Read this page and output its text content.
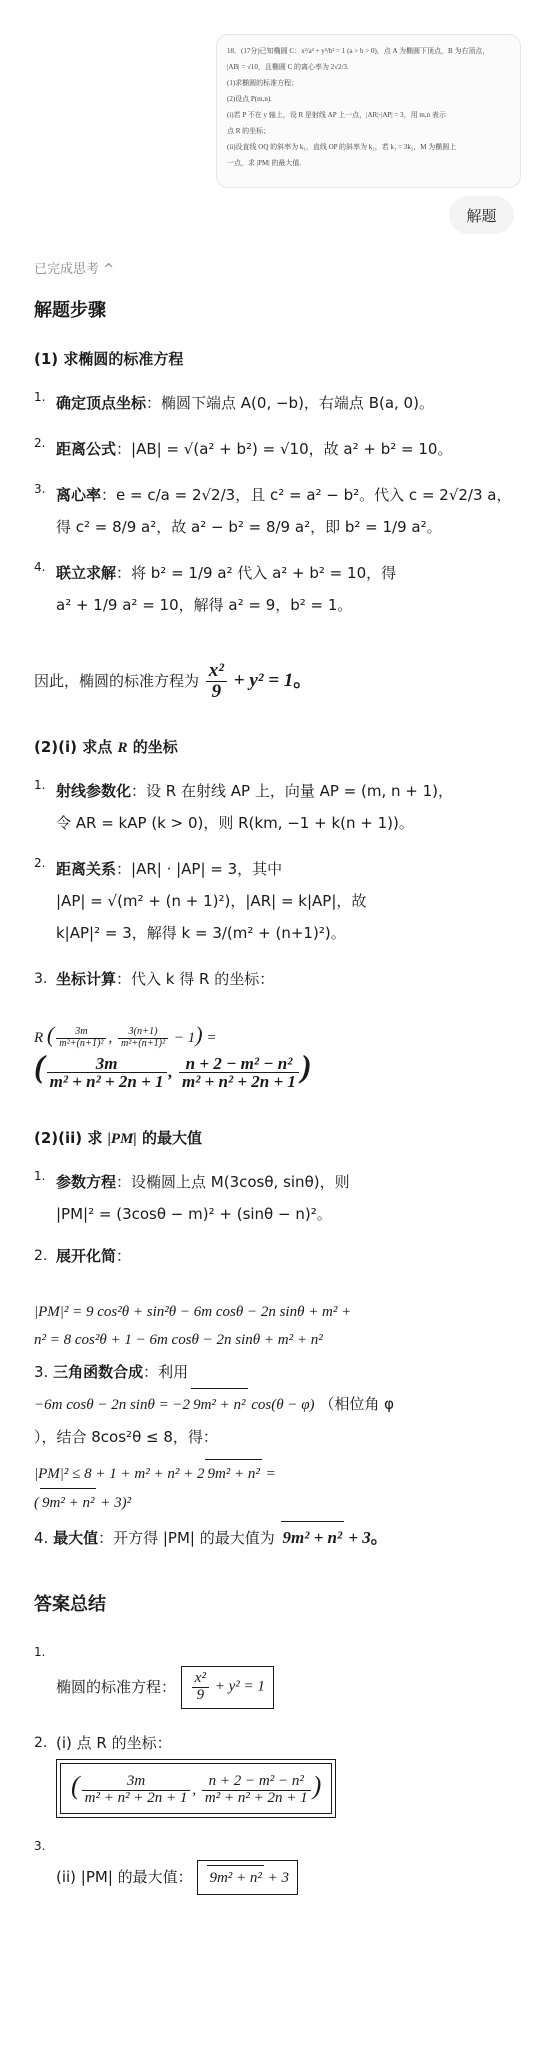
18．(17分)已知椭圆 C：x²/a² + y²/b² = 1 (a > b > 0)，点 A 为椭圆下顶点，B 为右顶点，
|AB| = √10，且椭圆 C 的离心率为 2√2/3.
(1)求椭圆的标准方程；
(2)设点 P(m,n).
(i)若 P 不在 y 轴上，设 R 是射线 AP 上一点，|AR|·|AP| = 3，用 m,n 表示
点 R 的坐标；
(ii)设直线 OQ 的斜率为 k₁，直线 OP 的斜率为 k₂，若 k₁ = 3k₂，M 为椭圆上
一点，求 |PM| 的最大值.
解题
已完成思考 ^
解题步骤
(1) 求椭圆的标准方程
1. 确定顶点坐标：椭圆下端点 A(0, −b)，右端点 B(a, 0)。
2. 距离公式：|AB| = √(a² + b²) = √10，故 a² + b² = 10。
3. 离心率：e = c/a = 2√2/3，且 c² = a² − b²。代入 c = 2√2/3 a，
得 c² = 8/9 a²，故 a² − b² = 8/9 a²，即 b² = 1/9 a²。
4. 联立求解：将 b² = 1/9 a² 代入 a² + b² = 10，得
a² + 1/9 a² = 10，解得 a² = 9，b² = 1。
因此，椭圆的标准方程为 $\frac{\text{x²}}{9} + y^2 = 1$。
(2)(i) 求点 R 的坐标
1. 射线参数化：设 R 在射线 AP 上，向量 AP = (m, n + 1)，
令 AR = kAP (k > 0)，则 R(km, −1 + k(n + 1))。
2. 距离关系：|AR| · |AP| = 3，其中
|AP| = √(m² + (n + 1)²)，|AR| = k|AP|，故
k|AP|² = 3，解得 k = 3/(m² + (n+1)²)。
3. 坐标计算：代入 k 得 R 的坐标：
R ( $\frac{3m}{\text{m²+(n+1)²}}$ , $\frac{3(n+1)}{\text{m²+(n+1)²}} - 1$) =
( $\frac{3m}{\text{m² + n² + 2n + 1}}$ , $\frac{\text{n + 2 − m² − n²}}{\text{m² + n² + 2n + 1}}$ )
(2)(ii) 求 |PM| 的最大值
1. 参数方程：设椭圆上点 M(3cosθ, sinθ)，则
|PM|² = (3cosθ − m)² + (sinθ − n)²。
2. 展开化简：
|PM|² = 9 cos²θ + sin²θ − 6m cosθ − 2n sinθ + m² +
n² = 8 cos²θ + 1 − 6m cosθ − 2n sinθ + m² + n²
3. 三角函数合成：利用
−6m cosθ − 2n sinθ = −2 9m² + n² cos(θ − φ) （相位角 φ
），结合 8cos²θ ≤ 8，得：
|PM|² ≤ 8 + 1 + m² + n² + 2 9m² + n² =
( 9m² + n² + 3)²
4. 最大值：开方得 |PM| 的最大值为 9m² + n² + 3。
答案总结
1.

椭圆的标准方程： $\frac{\text{x²}}{9} + y^2 = 1$
2. (i) 点 R 的坐标：
( $\frac{3m}{\text{m² + n² + 2n + 1}}$ , $\frac{\text{n + 2 − m² − n²}}{\text{m² + n² + 2n + 1}}$ )
3.

(ii) |PM| 的最大值： 9m² + n² + 3
